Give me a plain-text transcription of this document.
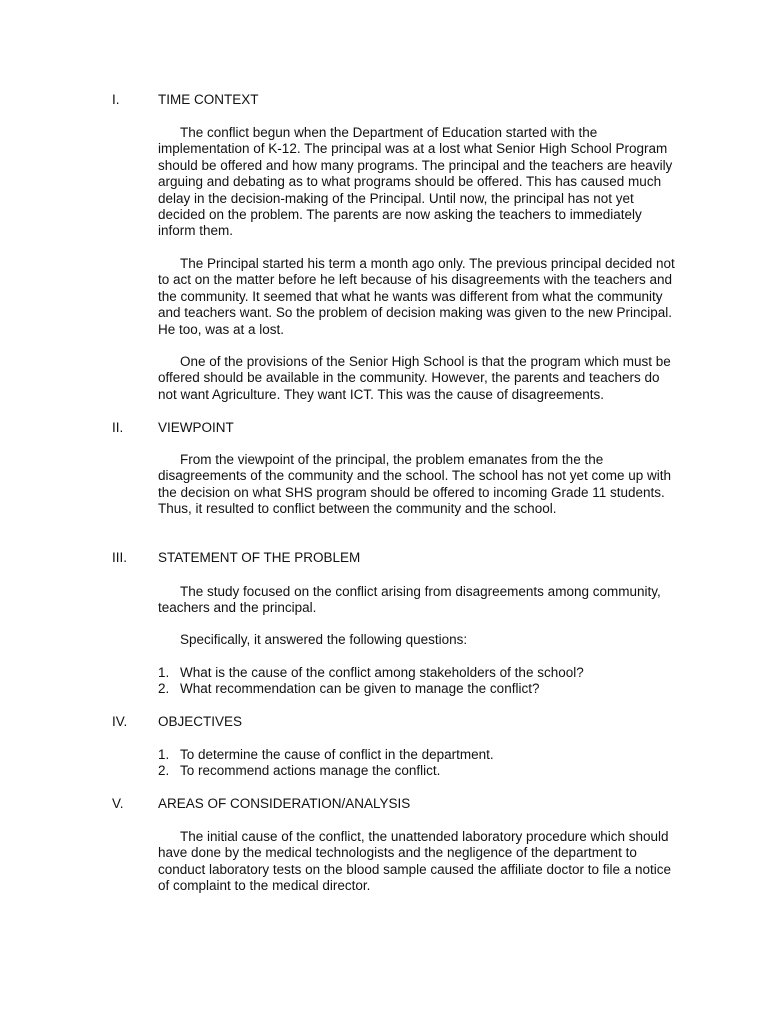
I.	TIME CONTEXT

The conflict begun when the Department of Education started with the implementation of K-12. The principal was at a lost what Senior High School Program should be offered and how many programs. The principal and the teachers are heavily arguing and debating as to what programs should be offered. This has caused much delay in the decision-making of the Principal. Until now, the principal has not yet decided on the problem. The parents are now asking the teachers to immediately inform them.

The Principal started his term a month ago only. The previous principal decided not to act on the matter before he left because of his disagreements with the teachers and the community. It seemed that what he wants was different from what the community and teachers want. So the problem of decision making was given to the new Principal. He too, was at a lost.

One of the provisions of the Senior High School is that the program which must be offered should be available in the community. However, the parents and teachers do not want Agriculture. They want ICT. This was the cause of disagreements.

II.	VIEWPOINT

From the viewpoint of the principal, the problem emanates from the the disagreements of the community and the school. The school has not yet come up with the decision on what SHS program should be offered to incoming Grade 11 students. Thus, it resulted to conflict between the community and the school.

III. STATEMENT OF THE PROBLEM

The study focused on the conflict arising from disagreements among community, teachers and the principal.

Specifically, it answered the following questions:

1. What is the cause of the conflict among stakeholders of the school?
2. What recommendation can be given to manage the conflict?
IV. OBJECTIVES
1. To determine the cause of conflict in the department.
2. To recommend actions manage the conflict.
V.	AREAS OF CONSIDERATION/ANALYSIS

The initial cause of the conflict, the unattended laboratory procedure which should have done by the medical technologists and the negligence of the department to conduct laboratory tests on the blood sample caused the affiliate doctor to file a notice of complaint to the medical director.
